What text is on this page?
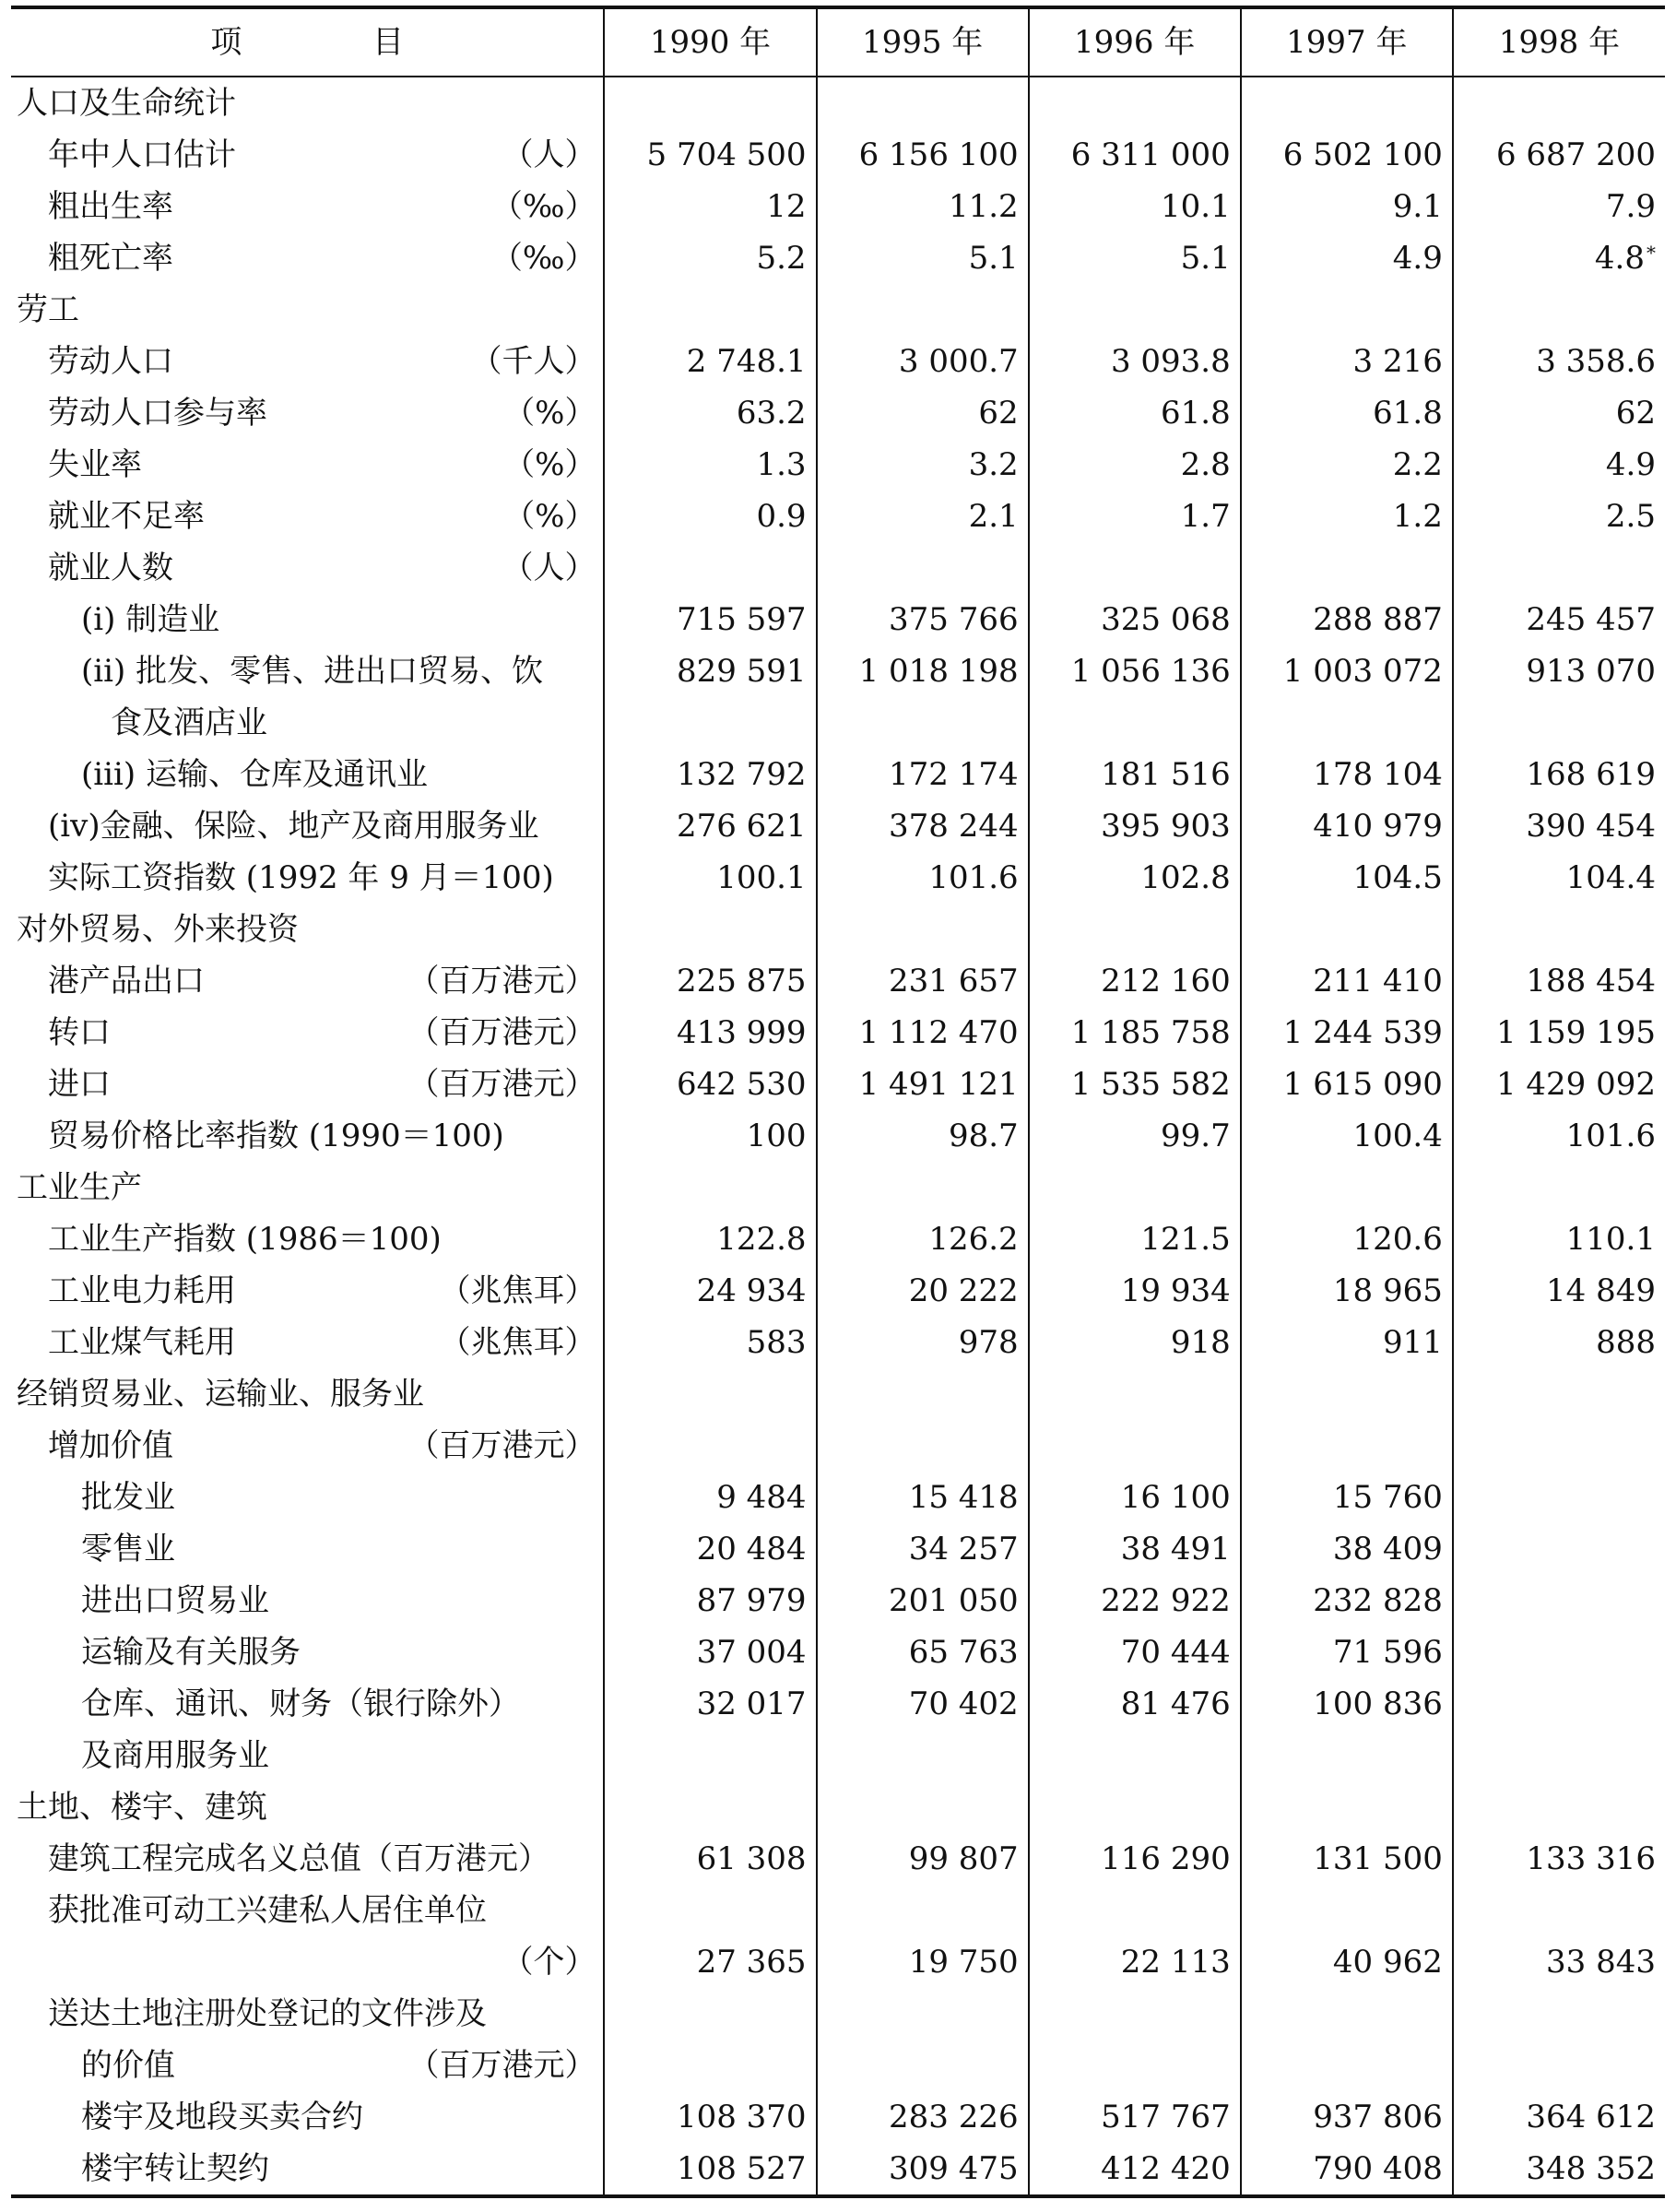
项 目	1990 年	1995 年	1996 年	1997 年	1998 年

人口及生命统计					

年中人口估计 （人）	5 704 500	6 156 100	6 311 000	6 502 100	6 687 200

粗出生率 （‰）	12	11.2	10.1	9.1	7.9

粗死亡率 （‰）	5.2	5.1	5.1	4.9	4.8 *

劳工					

劳动人口 （千人）	2 748.1	3 000.7	3 093.8	3 216	3 358.6

劳动人口参与率 （%）	63.2	62	61.8	61.8	62

失业率 （%）	1.3	3.2	2.8	2.2	4.9

就业不足率 （%）	0.9	2.1	1.7	1.2	2.5

就业人数 （人）					

(i) 制造业	715 597	375 766	325 068	288 887	245 457

(ii) 批发、零售、进出口贸易、饮	829 591	1 018 198	1 056 136	1 003 072	913 070

食及酒店业					

(iii) 运输、仓库及通讯业	132 792	172 174	181 516	178 104	168 619

(iv)金融、保险、地产及商用服务业	276 621	378 244	395 903	410 979	390 454

实际工资指数 (1992 年 9 月＝100)	100.1	101.6	102.8	104.5	104.4

对外贸易、外来投资					

港产品出口 （百万港元）	225 875	231 657	212 160	211 410	188 454

转口 （百万港元）	413 999	1 112 470	1 185 758	1 244 539	1 159 195

进口 （百万港元）	642 530	1 491 121	1 535 582	1 615 090	1 429 092

贸易价格比率指数 (1990＝100)	100	98.7	99.7	100.4	101.6

工业生产					

工业生产指数 (1986＝100)	122.8	126.2	121.5	120.6	110.1

工业电力耗用 （兆焦耳）	24 934	20 222	19 934	18 965	14 849

工业煤气耗用 （兆焦耳）	583	978	918	911	888

经销贸易业、运输业、服务业					

增加价值 （百万港元）					

批发业	9 484	15 418	16 100	15 760	

零售业	20 484	34 257	38 491	38 409	

进出口贸易业	87 979	201 050	222 922	232 828	

运输及有关服务	37 004	65 763	70 444	71 596	

仓库、通讯、财务（银行除外）	32 017	70 402	81 476	100 836	

及商用服务业					

土地、楼宇、建筑					

建筑工程完成名义总值（百万港元）	61 308	99 807	116 290	131 500	133 316

获批准可动工兴建私人居住单位					

（个）	27 365	19 750	22 113	40 962	33 843

送达土地注册处登记的文件涉及					

的价值 （百万港元）					

楼宇及地段买卖合约	108 370	283 226	517 767	937 806	364 612

楼宇转让契约	108 527	309 475	412 420	790 408	348 352
